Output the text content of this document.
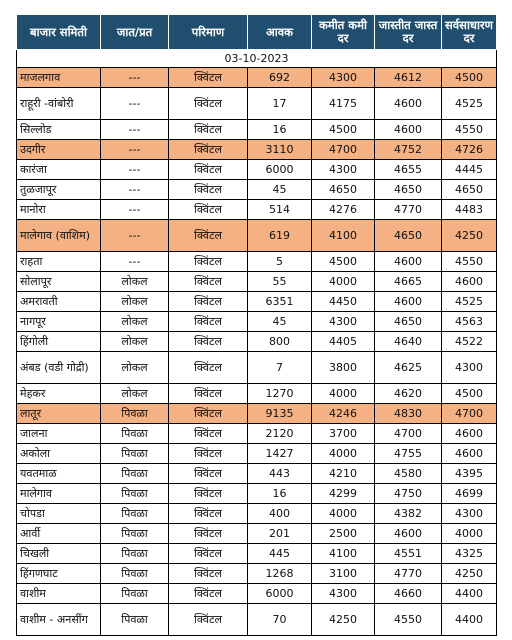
बाजार समिती	जात/प्रत	परिमाण	आवक	कमीत कमी दर	जास्तीत जास्त दर	सर्वसाधारण दर
03-10-2023						
माजलगाव	---	क्विंटल	692	4300	4612	4500
राहूरी -वांबोरी	---	क्विंटल	17	4175	4600	4525
सिल्लोड	---	क्विंटल	16	4500	4600	4550
उदगीर	---	क्विंटल	3110	4700	4752	4726
कारंजा	---	क्विंटल	6000	4300	4655	4445
तुळजापूर	---	क्विंटल	45	4650	4650	4650
मानोरा	---	क्विंटल	514	4276	4770	4483
मालेगाव (वाशिम)	---	क्विंटल	619	4100	4650	4250
राहता	---	क्विंटल	5	4500	4600	4550
सोलापूर	लोकल	क्विंटल	55	4000	4665	4600
अमरावती	लोकल	क्विंटल	6351	4450	4600	4525
नागपूर	लोकल	क्विंटल	45	4300	4650	4563
हिंगोली	लोकल	क्विंटल	800	4405	4640	4522
अंबड (वडी गोद्री)	लोकल	क्विंटल	7	3800	4625	4300
मेहकर	लोकल	क्विंटल	1270	4000	4620	4500
लातूर	पिवळा	क्विंटल	9135	4246	4830	4700
जालना	पिवळा	क्विंटल	2120	3700	4700	4600
अकोला	पिवळा	क्विंटल	1427	4000	4755	4600
यवतमाळ	पिवळा	क्विंटल	443	4210	4580	4395
मालेगाव	पिवळा	क्विंटल	16	4299	4750	4699
चोपडा	पिवळा	क्विंटल	400	4000	4382	4300
आर्वी	पिवळा	क्विंटल	201	2500	4600	4000
चिखली	पिवळा	क्विंटल	445	4100	4551	4325
हिंगणघाट	पिवळा	क्विंटल	1268	3100	4770	4250
वाशीम	पिवळा	क्विंटल	6000	4300	4660	4400
वाशीम - अनसींग	पिवळा	क्विंटल	70	4250	4550	4400
